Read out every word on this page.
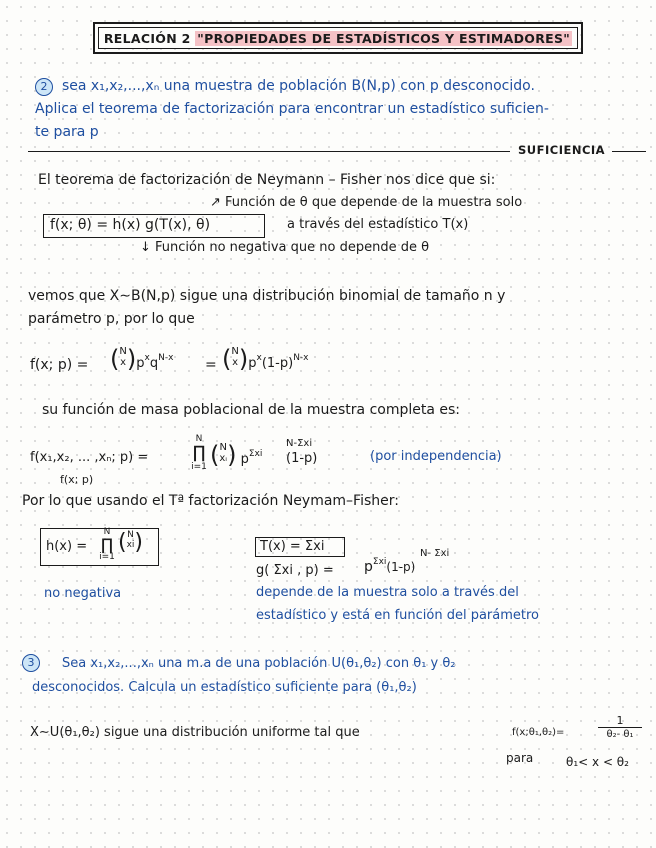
RELACIÓN 2 "PROPIEDADES DE ESTADÍSTICOS Y ESTIMADORES"
2	sea x₁,x₂,...,xₙ una muestra de población B(N,p) con p desconocido.
Aplica el teorema de factorización para encontrar un estadístico suficien-
te para p
SUFICIENCIA
El teorema de factorización de Neymann – Fisher nos dice que si:
↗ Función de θ que depende de la muestra solo
f(x; θ) = h(x) g(T(x), θ)	a través del estadístico T(x)
↓ Función no negativa que no depende de θ
vemos que X∼B(N,p) sigue una distribución binomial de tamaño n y
parámetro p, por lo que
f(x; p) = (N
$x)p^xq^{N-x} = (N$
$x)p^x(1-p)^{N-x}$
su función de masa poblacional de la muestra completa es:
f(x₁,x₂, ... ,xₙ; p) =
f(x; p)
N
∏
i=1 (N
xᵢ) $p^{\Sigma xi}$
N-Σxi
(1-p)	(por independencia)
Por lo que usando el Tª factorización Neymam–Fisher:
h(x) =
N
∏
i=1
(N
xi)
no negativa
T(x) = Σxi
g( Σxi , $p) = p^{\Sigma xi}(1-p)$
N- Σxi
depende de la muestra solo a través del
estadístico y está en función del parámetro
3	Sea x₁,x₂,...,xₙ una m.a de una población U(θ₁,θ₂) con θ₁ y θ₂
desconocidos. Calcula un estadístico suficiente para (θ₁,θ₂)
X∼U(θ₁,θ₂) sigue una distribución uniforme tal que	f(x;θ₁,θ₂)=	$\frac{1}{\text{θ₂- θ₁}}$
para	θ₁< x < θ₂
